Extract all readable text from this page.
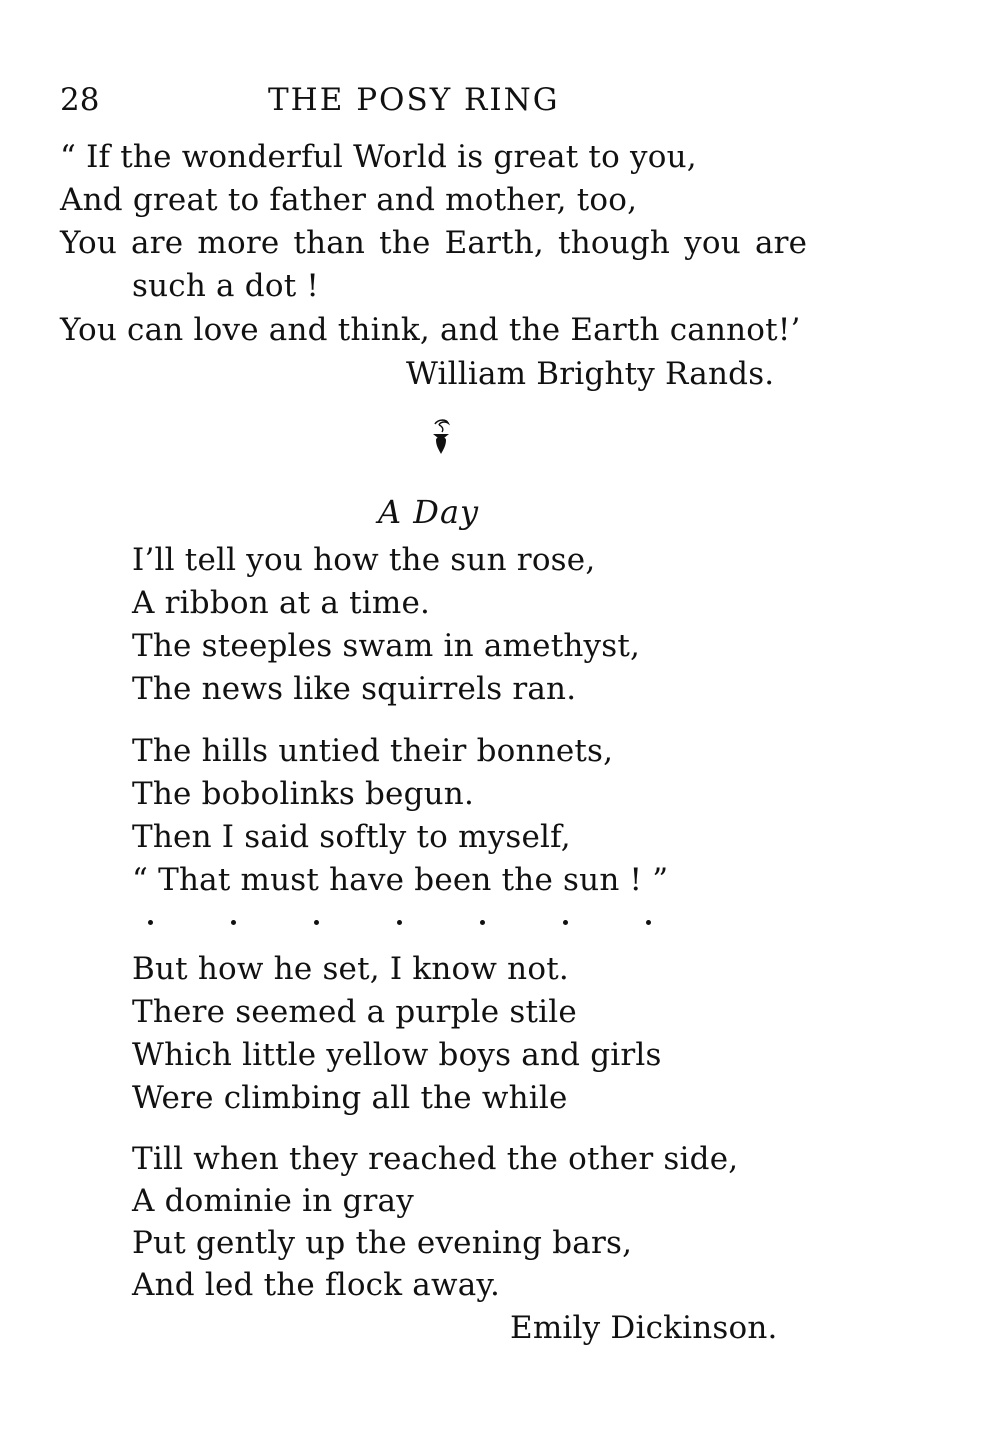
28	THE POSY RING
“ If the wonderful World is great to you,
And great to father and mother, too,
You are more than the Earth, though you are
such a dot !
You can love and think, and the Earth cannot!’
William Brighty Rands.
A Day
I’ll tell you how the sun rose,
A ribbon at a time.
The steeples swam in amethyst,
The news like squirrels ran.
The hills untied their bonnets,
The bobolinks begun.
Then I said softly to myself,
“ That must have been the sun ! ”
But how he set, I know not.
There seemed a purple stile
Which little yellow boys and girls
Were climbing all the while
Till when they reached the other side,
A dominie in gray
Put gently up the evening bars,
And led the flock away.
Emily Dickinson.
